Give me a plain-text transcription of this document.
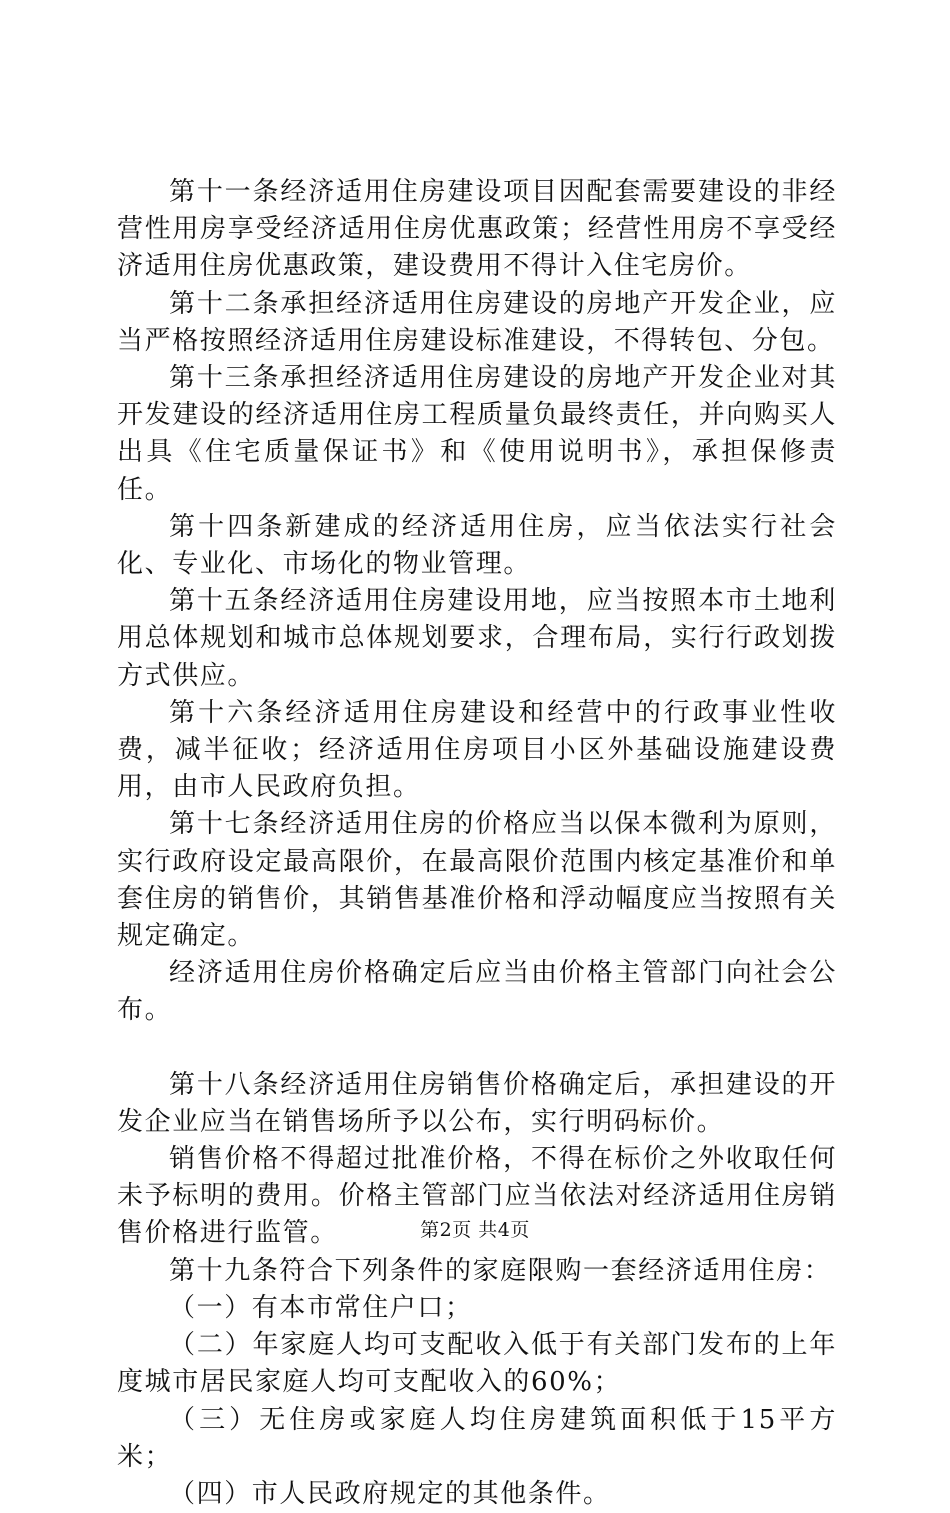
第十一条经济适用住房建设项目因配套需要建设的非经营性用房享受经济适用住房优惠政策；经营性用房不享受经济适用住房优惠政策，建设费用不得计入住宅房价。

第十二条承担经济适用住房建设的房地产开发企业，应当严格按照经济适用住房建设标准建设，不得转包、分包。

第十三条承担经济适用住房建设的房地产开发企业对其开发建设的经济适用住房工程质量负最终责任，并向购买人出具《住宅质量保证书》和《使用说明书》，承担保修责任。

第十四条新建成的经济适用住房，应当依法实行社会化、专业化、市场化的物业管理。

第十五条经济适用住房建设用地，应当按照本市土地利用总体规划和城市总体规划要求，合理布局，实行行政划拨方式供应。

第十六条经济适用住房建设和经营中的行政事业性收费，减半征收；经济适用住房项目小区外基础设施建设费用，由市人民政府负担。

第十七条经济适用住房的价格应当以保本微利为原则，实行政府设定最高限价，在最高限价范围内核定基准价和单套住房的销售价，其销售基准价格和浮动幅度应当按照有关规定确定。

经济适用住房价格确定后应当由价格主管部门向社会公布。

第十八条经济适用住房销售价格确定后，承担建设的开发企业应当在销售场所予以公布，实行明码标价。

销售价格不得超过批准价格，不得在标价之外收取任何未予标明的费用。价格主管部门应当依法对经济适用住房销售价格进行监管。

第十九条符合下列条件的家庭限购一套经济适用住房：

（一）有本市常住户口；

（二）年家庭人均可支配收入低于有关部门发布的上年度城市居民家庭人均可支配收入的60%；

（三）无住房或家庭人均住房建筑面积低于15平方米；

（四）市人民政府规定的其他条件。

第2页 共4页
